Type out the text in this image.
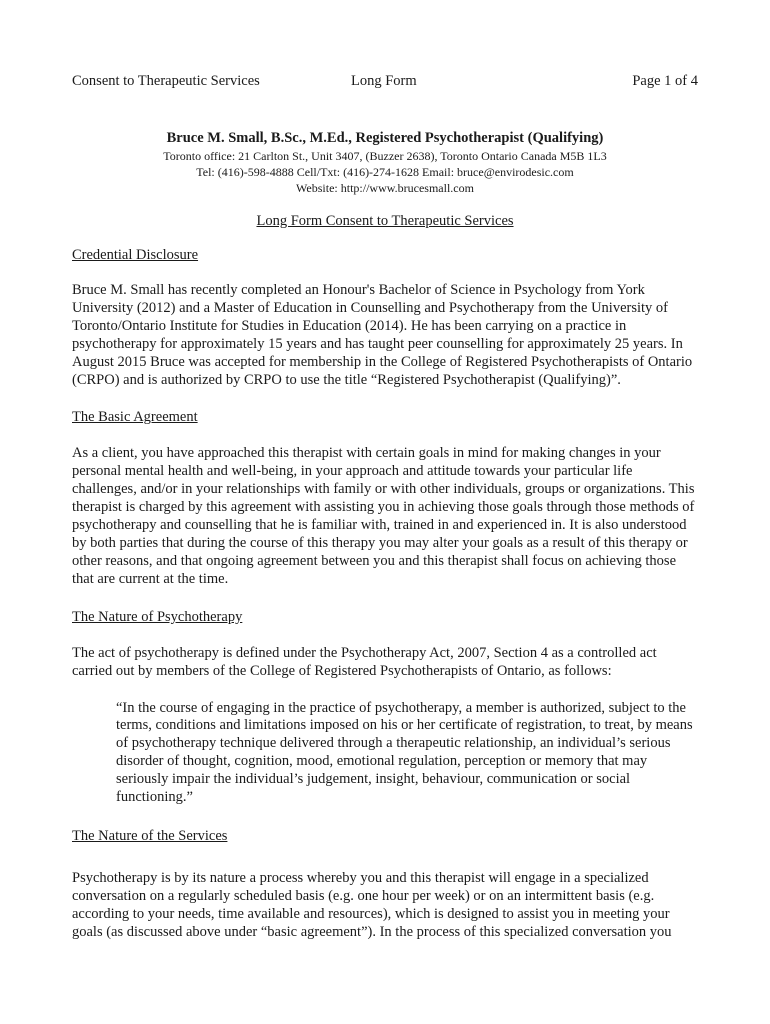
Consent to Therapeutic Services	Long Form	Page 1 of 4

Bruce M. Small, B.Sc., M.Ed., Registered Psychotherapist (Qualifying)

Toronto office: 21 Carlton St., Unit 3407, (Buzzer 2638), Toronto Ontario Canada M5B 1L3

Tel: (416)-598-4888 Cell/Txt: (416)-274-1628 Email: bruce@envirodesic.com

Website: http://www.brucesmall.com

Long Form Consent to Therapeutic Services

Credential Disclosure

Bruce M. Small has recently completed an Honour's Bachelor of Science in Psychology from York University (2012) and a Master of Education in Counselling and Psychotherapy from the University of Toronto/Ontario Institute for Studies in Education (2014). He has been carrying on a practice in psychotherapy for approximately 15 years and has taught peer counselling for approximately 25 years. In August 2015 Bruce was accepted for membership in the College of Registered Psychotherapists of Ontario (CRPO) and is authorized by CRPO to use the title “Registered Psychotherapist (Qualifying)”.

The Basic Agreement

As a client, you have approached this therapist with certain goals in mind for making changes in your personal mental health and well-being, in your approach and attitude towards your particular life challenges, and/or in your relationships with family or with other individuals, groups or organizations. This therapist is charged by this agreement with assisting you in achieving those goals through those methods of psychotherapy and counselling that he is familiar with, trained in and experienced in. It is also understood by both parties that during the course of this therapy you may alter your goals as a result of this therapy or other reasons, and that ongoing agreement between you and this therapist shall focus on achieving those that are current at the time.

The Nature of Psychotherapy

The act of psychotherapy is defined under the Psychotherapy Act, 2007, Section 4 as a controlled act carried out by members of the College of Registered Psychotherapists of Ontario, as follows:

“In the course of engaging in the practice of psychotherapy, a member is authorized, subject to the terms, conditions and limitations imposed on his or her certificate of registration, to treat, by means of psychotherapy technique delivered through a therapeutic relationship, an individual’s serious disorder of thought, cognition, mood, emotional regulation, perception or memory that may seriously impair the individual’s judgement, insight, behaviour, communication or social functioning.”

The Nature of the Services

Psychotherapy is by its nature a process whereby you and this therapist will engage in a specialized conversation on a regularly scheduled basis (e.g. one hour per week) or on an intermittent basis (e.g. according to your needs, time available and resources), which is designed to assist you in meeting your goals (as discussed above under “basic agreement”). In the process of this specialized conversation you
